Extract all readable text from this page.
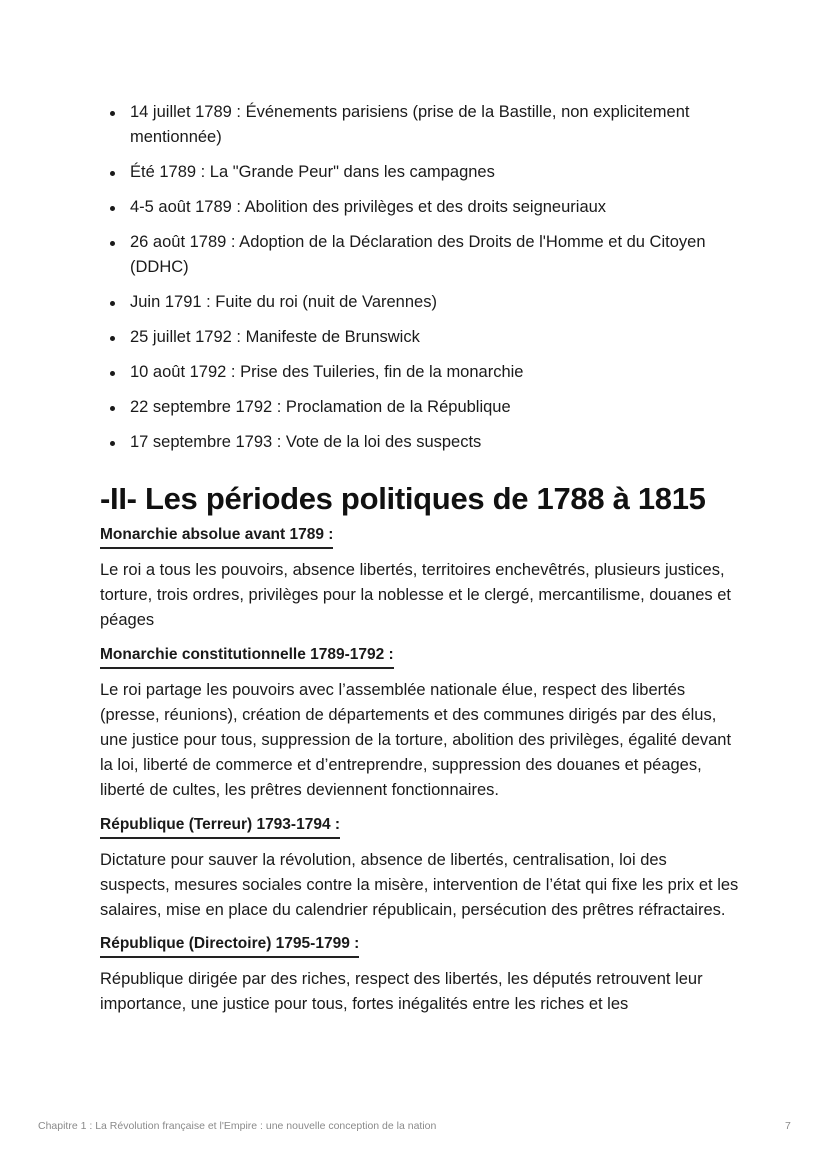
14 juillet 1789 : Événements parisiens (prise de la Bastille, non explicitement mentionnée)
Été 1789 : La "Grande Peur" dans les campagnes
4-5 août 1789 : Abolition des privilèges et des droits seigneuriaux
26 août 1789 : Adoption de la Déclaration des Droits de l'Homme et du Citoyen (DDHC)
Juin 1791 : Fuite du roi (nuit de Varennes)
25 juillet 1792 : Manifeste de Brunswick
10 août 1792 : Prise des Tuileries, fin de la monarchie
22 septembre 1792 : Proclamation de la République
17 septembre 1793 : Vote de la loi des suspects
-II- Les périodes politiques de 1788 à 1815
Monarchie absolue avant 1789 :

Le roi a tous les pouvoirs, absence libertés, territoires enchevêtrés, plusieurs justices, torture, trois ordres, privilèges pour la noblesse et le clergé, mercantilisme, douanes et péages

Monarchie constitutionnelle 1789-1792 :

Le roi partage les pouvoirs avec l’assemblée nationale élue, respect des libertés (presse, réunions), création de départements et des communes dirigés par des élus, une justice pour tous, suppression de la torture, abolition des privilèges, égalité devant la loi, liberté de commerce et d’entreprendre, suppression des douanes et péages, liberté de cultes, les prêtres deviennent fonctionnaires.

République (Terreur) 1793-1794 :

Dictature pour sauver la révolution, absence de libertés, centralisation, loi des suspects, mesures sociales contre la misère, intervention de l’état qui fixe les prix et les salaires, mise en place du calendrier républicain, persécution des prêtres réfractaires.

République (Directoire) 1795-1799 :

République dirigée par des riches, respect des libertés, les députés retrouvent leur importance, une justice pour tous, fortes inégalités entre les riches et les

Chapitre 1 : La Révolution française et l'Empire : une nouvelle conception de la nation	7
